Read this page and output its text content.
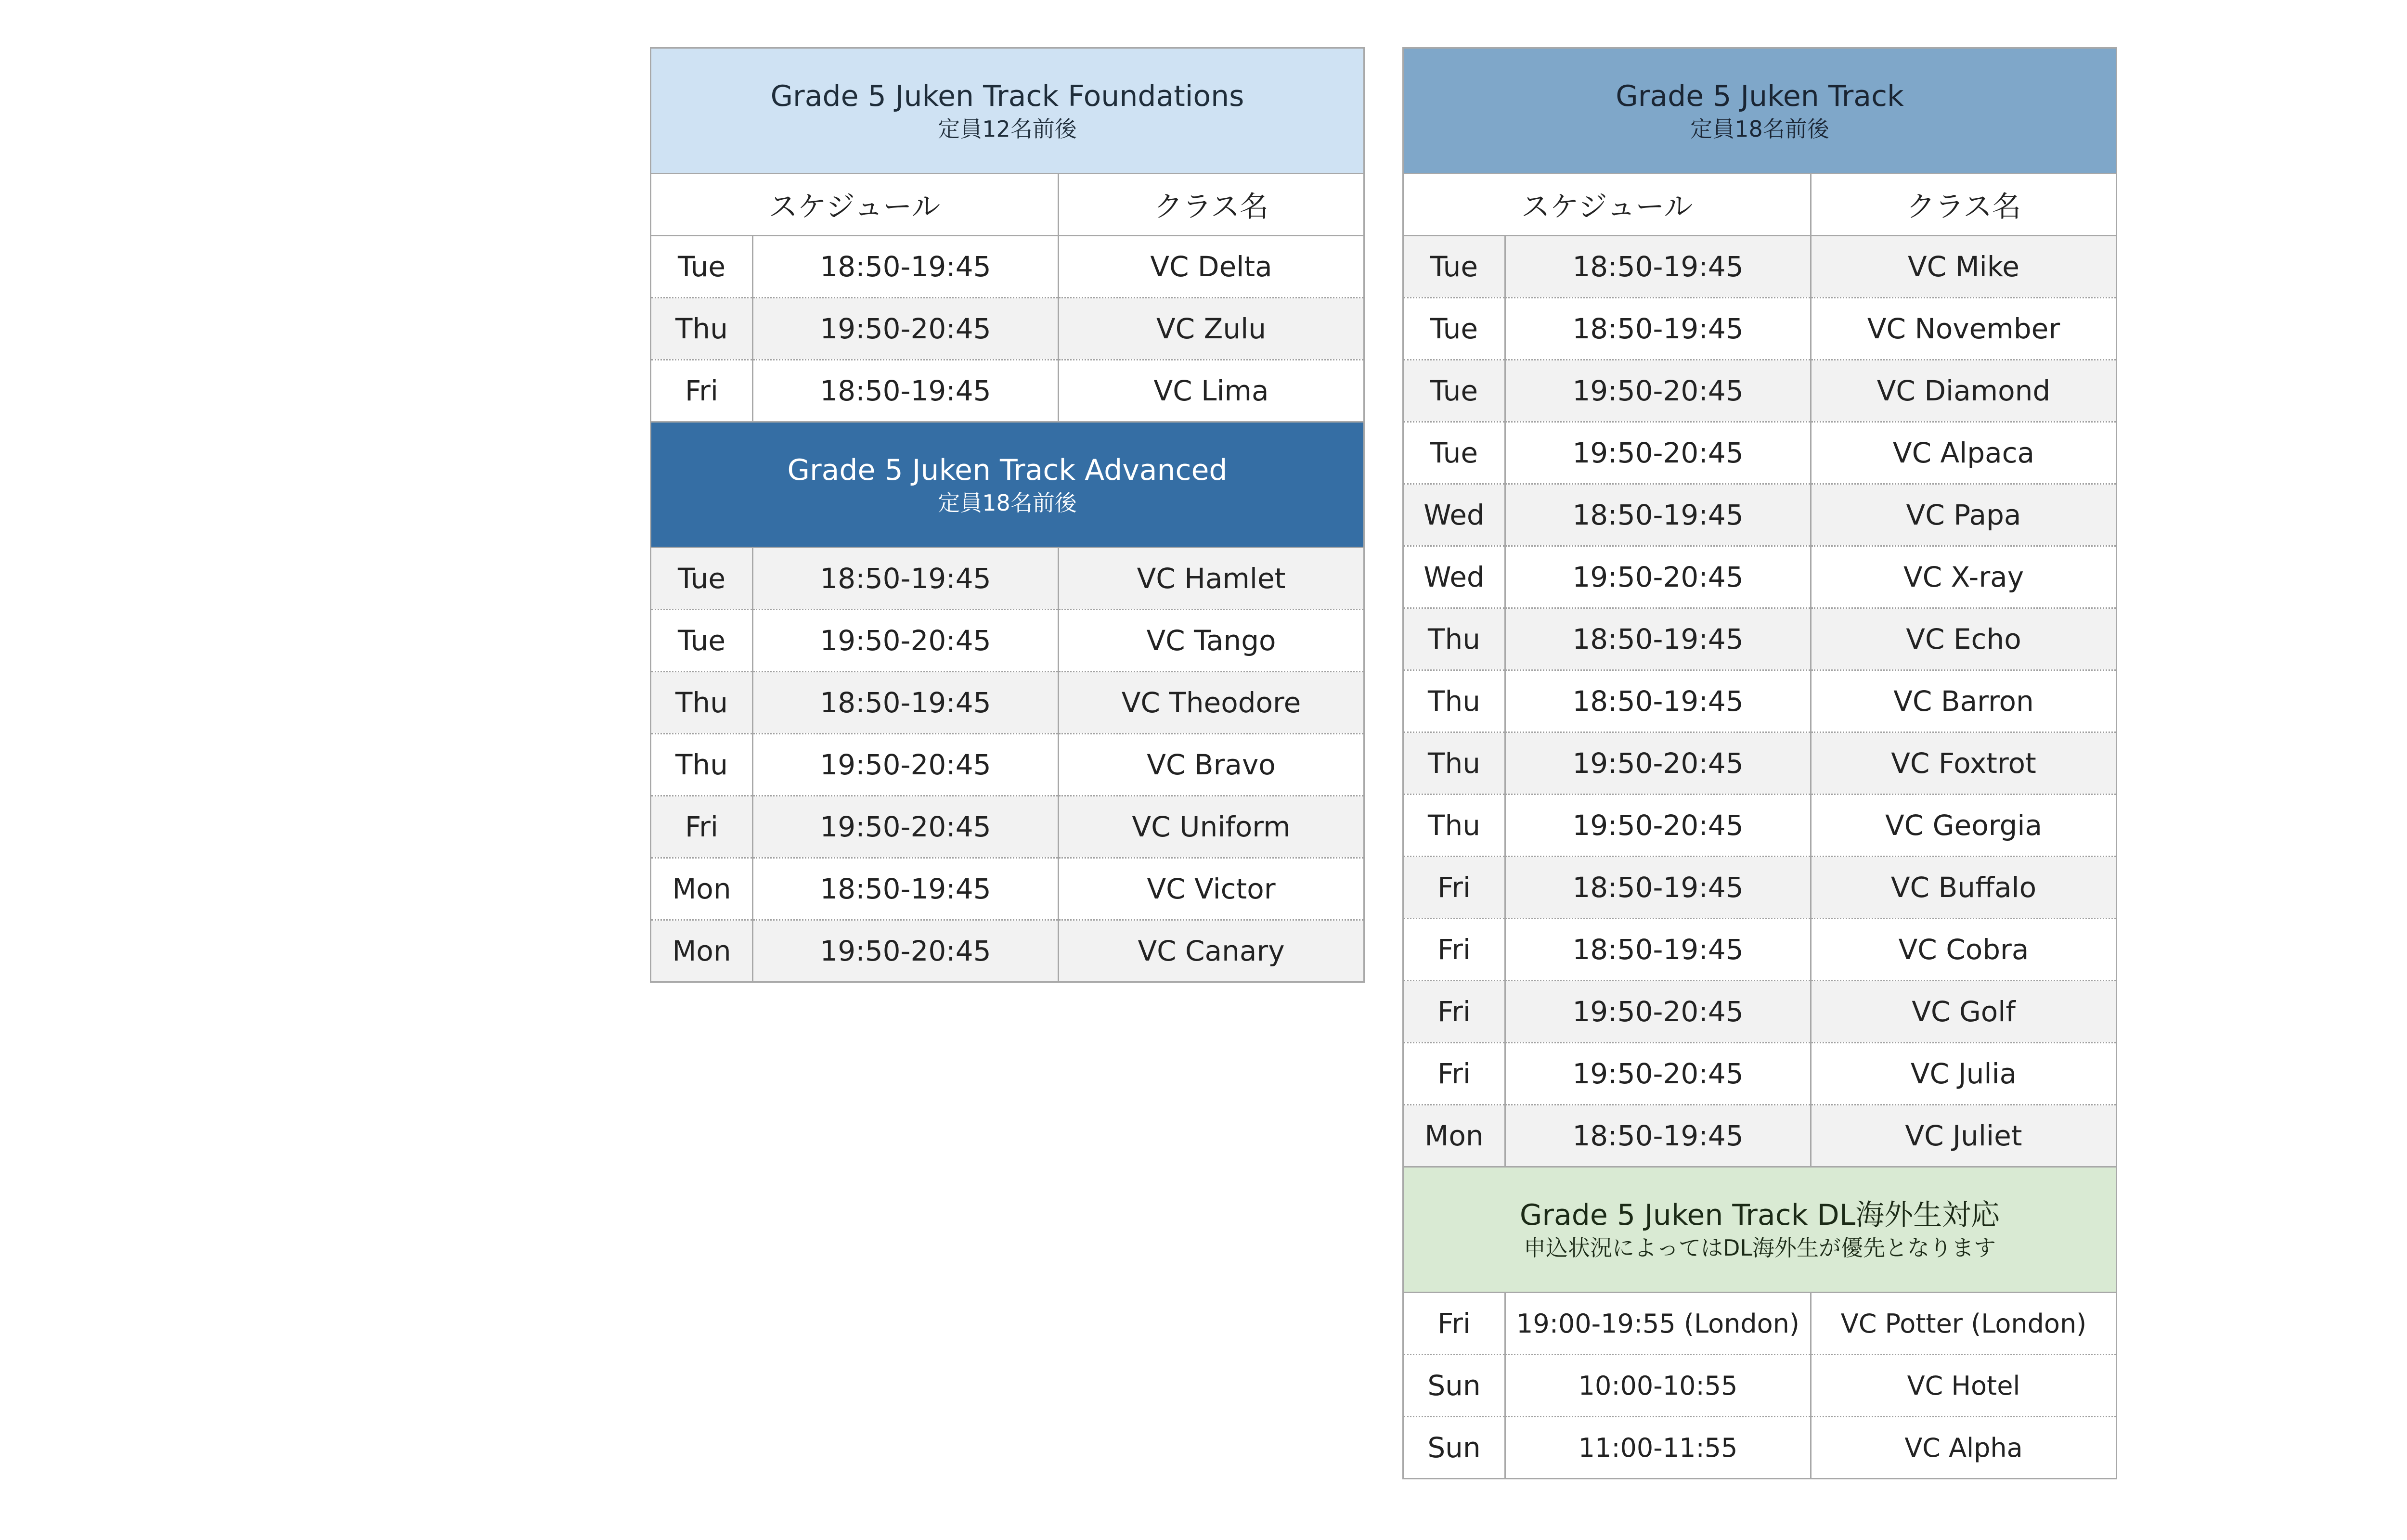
Grade 5 Juken Track Foundations
定員12名前後		

スケジュール		クラス名
Tue	18:50-19:45	VC Delta
Thu	19:50-20:45	VC Zulu
Fri	18:50-19:45	VC Lima

Grade 5 Juken Track Advanced
定員18名前後		

Tue	18:50-19:45	VC Hamlet
Tue	19:50-20:45	VC Tango
Thu	18:50-19:45	VC Theodore
Thu	19:50-20:45	VC Bravo
Fri	19:50-20:45	VC Uniform
Mon	18:50-19:45	VC Victor
Mon	19:50-20:45	VC Canary
Grade 5 Juken Track
定員18名前後		

スケジュール		クラス名
Tue	18:50-19:45	VC Mike
Tue	18:50-19:45	VC November
Tue	19:50-20:45	VC Diamond
Tue	19:50-20:45	VC Alpaca
Wed	18:50-19:45	VC Papa
Wed	19:50-20:45	VC X-ray
Thu	18:50-19:45	VC Echo
Thu	18:50-19:45	VC Barron
Thu	19:50-20:45	VC Foxtrot
Thu	19:50-20:45	VC Georgia
Fri	18:50-19:45	VC Buffalo
Fri	18:50-19:45	VC Cobra
Fri	19:50-20:45	VC Golf
Fri	19:50-20:45	VC Julia
Mon	18:50-19:45	VC Juliet

Grade 5 Juken Track DL海外生対応
申込状況によってはDL海外生が優先となります		

Fri	19:00-19:55 (London)	VC Potter (London)
Sun	10:00-10:55	VC Hotel
Sun	11:00-11:55	VC Alpha
